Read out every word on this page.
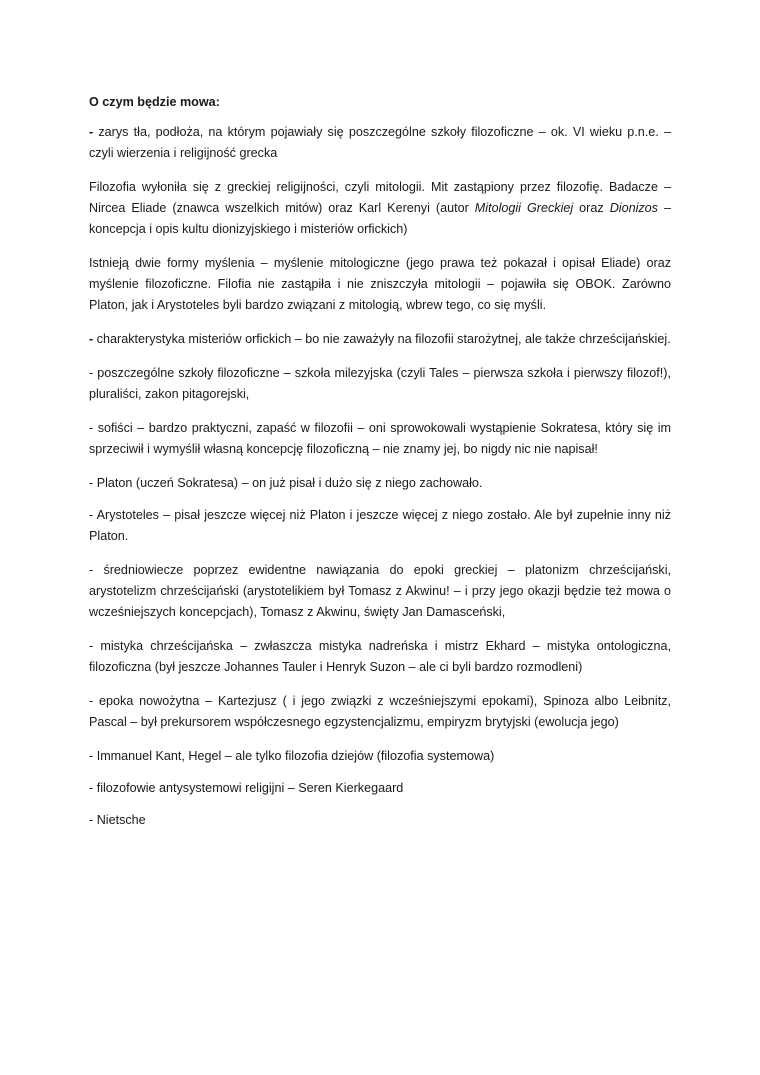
O czym będzie mowa:
- zarys tła, podłoża, na którym pojawiały się poszczególne szkoły filozoficzne – ok. VI wieku p.n.e. – czyli wierzenia i religijność grecka
Filozofia wyłoniła się z greckiej religijności, czyli mitologii. Mit zastąpiony przez filozofię. Badacze – Nircea Eliade (znawca wszelkich mitów) oraz Karl Kerenyi (autor Mitologii Greckiej oraz Dionizos – koncepcja i opis kultu dionizyjskiego i misteriów orfickich)
Istnieją dwie formy myślenia – myślenie mitologiczne (jego prawa też pokazał i opisał Eliade) oraz myślenie filozoficzne. Filofia nie zastąpiła i nie zniszczyła mitologii – pojawiła się OBOK. Zarówno Platon, jak i Arystoteles byli bardzo związani z mitologią, wbrew tego, co się myśli.
- charakterystyka misteriów orfickich – bo nie zaważyły na filozofii starożytnej, ale także chrześcijańskiej.
- poszczególne szkoły filozoficzne – szkoła milezyjska (czyli Tales – pierwsza szkoła i pierwszy filozof!), pluraliści, zakon pitagorejski,
- sofiści – bardzo praktyczni, zapaść w filozofii – oni sprowokowali wystąpienie Sokratesa, który się im sprzeciwił i wymyślił własną koncepcję filozoficzną – nie znamy jej, bo nigdy nic nie napisał!
- Platon (uczeń Sokratesa) – on już pisał i dużo się z niego zachowało.
- Arystoteles – pisał jeszcze więcej niż Platon i jeszcze więcej z niego zostało. Ale był zupełnie inny niż Platon.
- średniowiecze poprzez ewidentne nawiązania do epoki greckiej – platonizm chrześcijański, arystotelizm chrześcijański (arystotelikiem był Tomasz z Akwinu! – i przy jego okazji będzie też mowa o wcześniejszych koncepcjach), Tomasz z Akwinu, święty Jan Damasceński,
- mistyka chrześcijańska – zwłaszcza mistyka nadreńska i mistrz Ekhard – mistyka ontologiczna, filozoficzna (był jeszcze Johannes Tauler i Henryk Suzon – ale ci byli bardzo rozmodleni)
- epoka nowożytna – Kartezjusz ( i jego związki z wcześniejszymi epokami), Spinoza albo Leibnitz, Pascal – był prekursorem współczesnego egzystencjalizmu, empiryzm brytyjski (ewolucja jego)
- Immanuel Kant, Hegel – ale tylko filozofia dziejów (filozofia systemowa)
- filozofowie antysystemowi religijni – Seren Kierkegaard
- Nietsche
